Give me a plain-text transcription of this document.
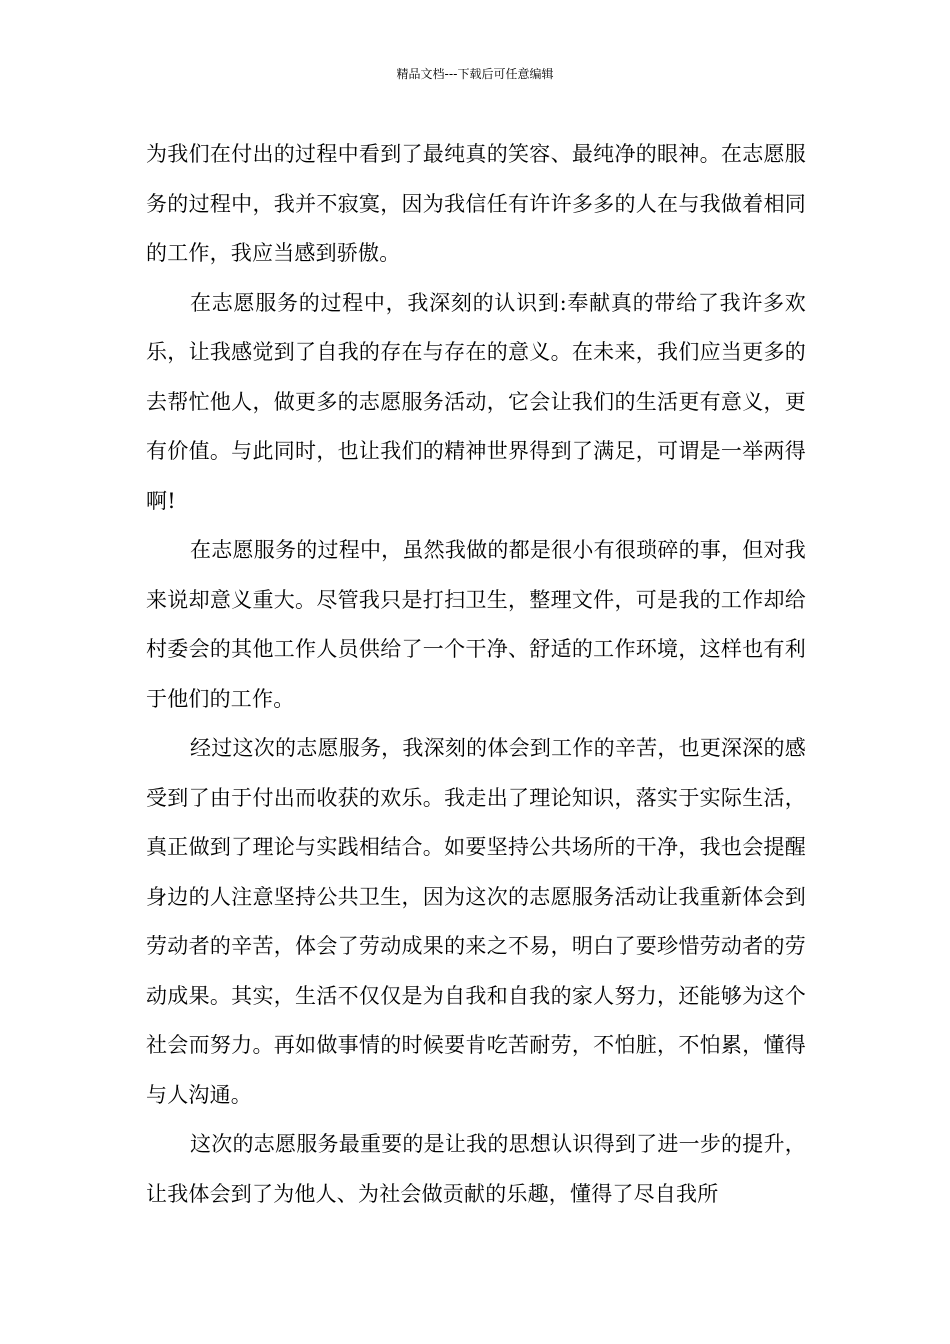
精品文档---下载后可任意编辑

为我们在付出的过程中看到了最纯真的笑容、最纯净的眼神。在志愿服务的过程中，我并不寂寞，因为我信任有许许多多的人在与我做着相同的工作，我应当感到骄傲。

在志愿服务的过程中，我深刻的认识到:奉献真的带给了我许多欢乐，让我感觉到了自我的存在与存在的意义。在未来，我们应当更多的去帮忙他人，做更多的志愿服务活动，它会让我们的生活更有意义，更有价值。与此同时，也让我们的精神世界得到了满足，可谓是一举两得啊!

在志愿服务的过程中，虽然我做的都是很小有很琐碎的事，但对我来说却意义重大。尽管我只是打扫卫生，整理文件，可是我的工作却给村委会的其他工作人员供给了一个干净、舒适的工作环境，这样也有利于他们的工作。

经过这次的志愿服务，我深刻的体会到工作的辛苦，也更深深的感受到了由于付出而收获的欢乐。我走出了理论知识，落实于实际生活，真正做到了理论与实践相结合。如要坚持公共场所的干净，我也会提醒身边的人注意坚持公共卫生，因为这次的志愿服务活动让我重新体会到劳动者的辛苦，体会了劳动成果的来之不易，明白了要珍惜劳动者的劳动成果。其实，生活不仅仅是为自我和自我的家人努力，还能够为这个社会而努力。再如做事情的时候要肯吃苦耐劳，不怕脏，不怕累，懂得与人沟通。

这次的志愿服务最重要的是让我的思想认识得到了进一步的提升，让我体会到了为他人、为社会做贡献的乐趣，懂得了尽自我所
